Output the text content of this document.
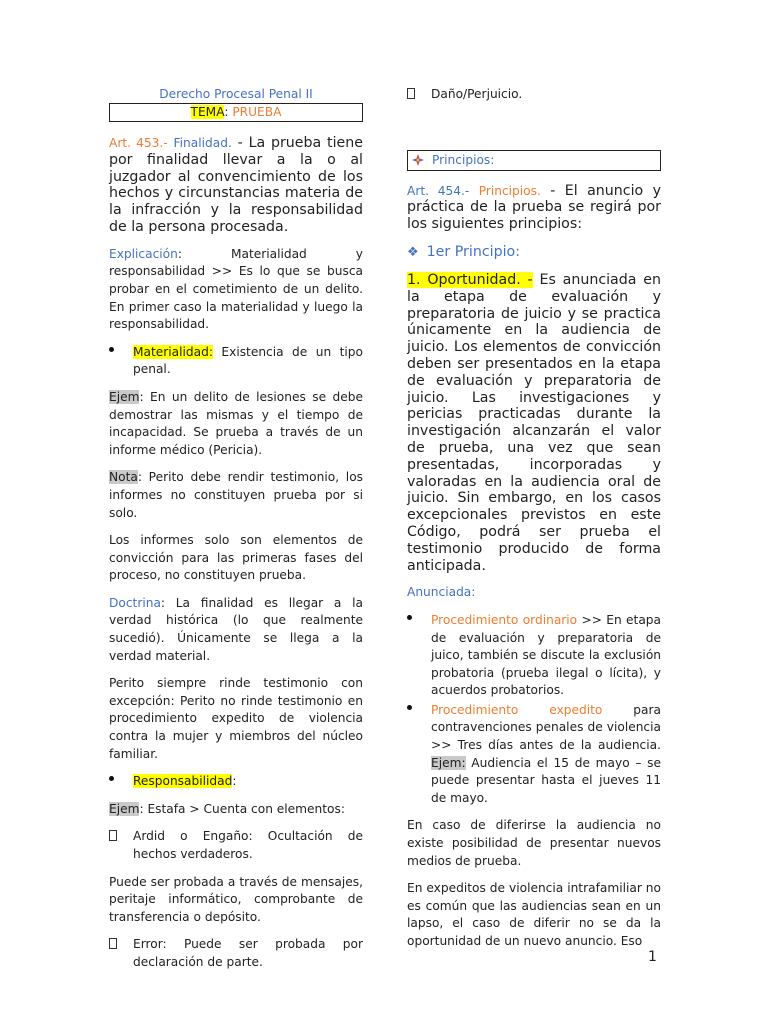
Derecho Procesal Penal II
TEMA: PRUEBA

Art. 453.- Finalidad. - La prueba tiene por finalidad llevar a la o al juzgador al convencimiento de los hechos y circunstancias materia de la infracción y la responsabilidad de la persona procesada.

Explicación: Materialidad y responsabilidad >> Es lo que se busca probar en el cometimiento de un delito. En primer caso la materialidad y luego la responsabilidad.

Materialidad: Existencia de un tipo penal.

Ejem: En un delito de lesiones se debe demostrar las mismas y el tiempo de incapacidad. Se prueba a través de un informe médico (Pericia).

Nota: Perito debe rendir testimonio, los informes no constituyen prueba por si solo.

Los informes solo son elementos de convicción para las primeras fases del proceso, no constituyen prueba.

Doctrina: La finalidad es llegar a la verdad histórica (lo que realmente sucedió). Únicamente se llega a la verdad material.

Perito siempre rinde testimonio con excepción: Perito no rinde testimonio en procedimiento expedito de violencia contra la mujer y miembros del núcleo familiar.

Responsabilidad:

Ejem: Estafa > Cuenta con elementos:

Ardid o Engaño: Ocultación de hechos verdaderos.

Puede ser probada a través de mensajes, peritaje informático, comprobante de transferencia o depósito.

Error: Puede ser probada por declaración de parte.

Daño/Perjuicio.

Principios:

Art. 454.- Principios. - El anuncio y práctica de la prueba se regirá por los siguientes principios:

❖ 1er Principio:

1. Oportunidad. - Es anunciada en la etapa de evaluación y preparatoria de juicio y se practica únicamente en la audiencia de juicio. Los elementos de convicción deben ser presentados en la etapa de evaluación y preparatoria de juicio. Las investigaciones y pericias practicadas durante la investigación alcanzarán el valor de prueba, una vez que sean presentadas, incorporadas y valoradas en la audiencia oral de juicio. Sin embargo, en los casos excepcionales previstos en este Código, podrá ser prueba el testimonio producido de forma anticipada.

Anunciada:

Procedimiento ordinario >> En etapa de evaluación y preparatoria de juico, también se discute la exclusión probatoria (prueba ilegal o lícita), y acuerdos probatorios.

Procedimiento expedito para contravenciones penales de violencia >> Tres días antes de la audiencia. Ejem: Audiencia el 15 de mayo – se puede presentar hasta el jueves 11 de mayo.

En caso de diferirse la audiencia no existe posibilidad de presentar nuevos medios de prueba.

En expeditos de violencia intrafamiliar no es común que las audiencias sean en un lapso, el caso de diferir no se da la oportunidad de un nuevo anuncio. Eso

1
